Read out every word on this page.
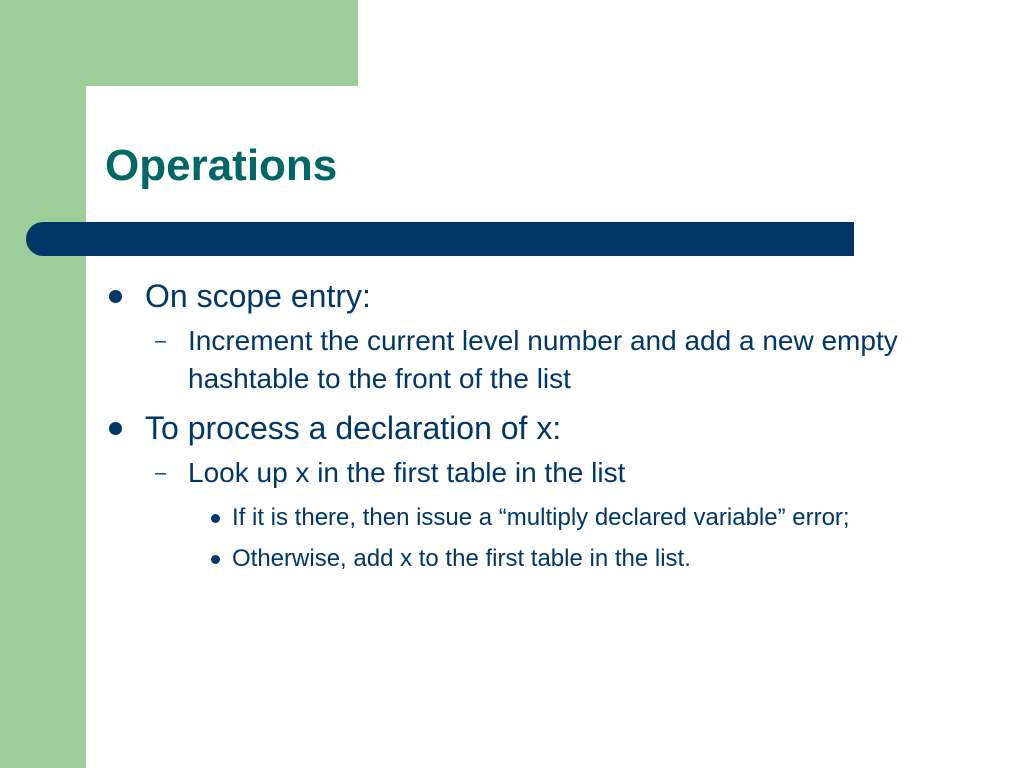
Operations
On scope entry:
– Increment the current level number and add a new empty hashtable to the front of the list
To process a declaration of x:
– Look up x in the first table in the list
If it is there, then issue a “multiply declared variable” error;
Otherwise, add x to the first table in the list.
